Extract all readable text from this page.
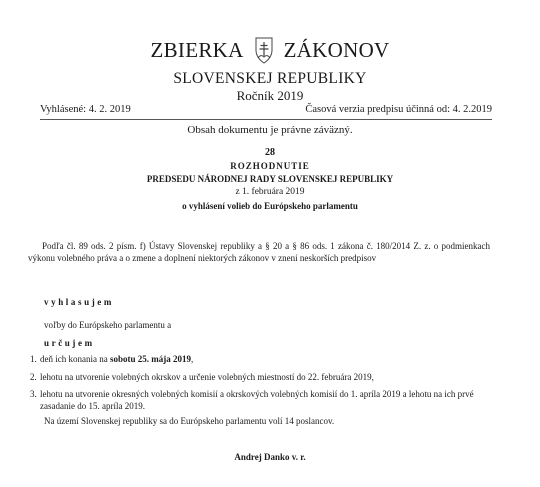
ZBIERKA ZÁKONOV
SLOVENSKEJ REPUBLIKY
Ročník 2019
Vyhlásené: 4. 2. 2019	Časová verzia predpisu účinná od: 4. 2.2019
Obsah dokumentu je právne záväzný.
28
ROZHODNUTIE
PREDSEDU NÁRODNEJ RADY SLOVENSKEJ REPUBLIKY
z 1. februára 2019
o vyhlásení volieb do Európskeho parlamentu
Podľa čl. 89 ods. 2 písm. f) Ústavy Slovenskej republiky a § 20 a § 86 ods. 1 zákona č. 180/2014 Z. z. o podmienkach výkonu volebného práva a o zmene a doplnení niektorých zákonov v znení neskorších predpisov
vyhlasujem
voľby do Európskeho parlamentu a
určujem
1. deň ich konania na sobotu 25. mája 2019,
2. lehotu na utvorenie volebných okrskov a určenie volebných miestností do 22. februára 2019,
3. lehotu na utvorenie okresných volebných komisií a okrskových volebných komisií do 1. apríla 2019 a lehotu na ich prvé zasadanie do 15. apríla 2019.
Na území Slovenskej republiky sa do Európskeho parlamentu volí 14 poslancov.
Andrej Danko v. r.
